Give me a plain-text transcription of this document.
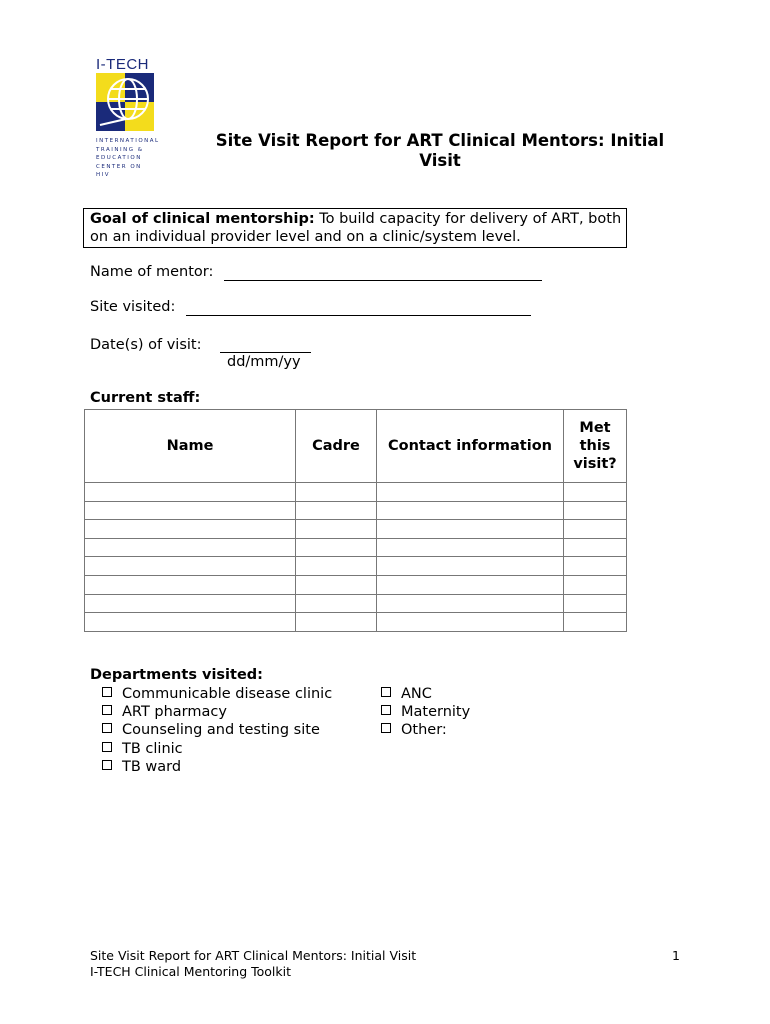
I-TECH
INTERNATIONAL
TRAINING &
EDUCATION
CENTER ON HIV
Site Visit Report for ART Clinical Mentors: Initial Visit
Goal of clinical mentorship: To build capacity for delivery of ART, both on an individual provider level and on a clinic/system level.
Name of mentor:
Site visited:
Date(s) of visit:
dd/mm/yy
Current staff:
Name	Cadre	Contact information	Met this visit?

Departments visited:
Communicable disease clinic
ART pharmacy
Counseling and testing site
TB clinic
TB ward
ANC
Maternity
Other:
Site Visit Report for ART Clinical Mentors: Initial Visit
I-TECH Clinical Mentoring Toolkit
1
